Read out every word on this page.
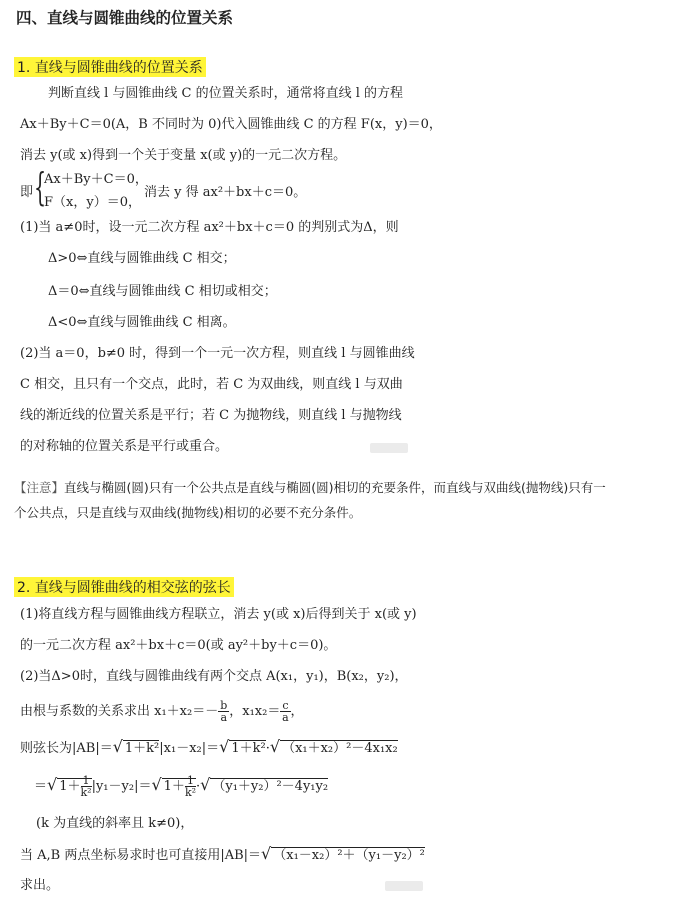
四、直线与圆锥曲线的位置关系
1. 直线与圆锥曲线的位置关系
判断直线 l 与圆锥曲线 C 的位置关系时，通常将直线 l 的方程
Ax＋By＋C＝0(A，B 不同时为 0)代入圆锥曲线 C 的方程 F(x，y)＝0，
消去 y(或 x)得到一个关于变量 x(或 y)的一元二次方程。
即 {
Ax＋By＋C＝0，
F（x，y）＝0，
消去 y 得 ax²＋bx＋c＝0。
(1)当 a≠0时，设一元二次方程 ax²＋bx＋c＝0 的判别式为Δ，则
Δ>0⇔直线与圆锥曲线 C 相交；
Δ＝0⇔直线与圆锥曲线 C 相切或相交；
Δ<0⇔直线与圆锥曲线 C 相离。
(2)当 a＝0，b≠0 时，得到一个一元一次方程，则直线 l 与圆锥曲线
C 相交，且只有一个交点，此时，若 C 为双曲线，则直线 l 与双曲
线的渐近线的位置关系是平行；若 C 为抛物线，则直线 l 与抛物线
的对称轴的位置关系是平行或重合。
【注意】直线与椭圆(圆)只有一个公共点是直线与椭圆(圆)相切的充要条件，而直线与双曲线(抛物线)只有一
个公共点，只是直线与双曲线(抛物线)相切的必要不充分条件。
2. 直线与圆锥曲线的相交弦的弦长
(1)将直线方程与圆锥曲线方程联立，消去 y(或 x)后得到关于 x(或 y)
的一元二次方程 ax²＋bx＋c＝0(或 ay²＋by＋c＝0)。
(2)当Δ>0时，直线与圆锥曲线有两个交点 A(x₁，y₁)，B(x₂，y₂)，
由根与系数的关系求出 $x_1+x_2=- \frac{b}{a}$ ，$x_1x_2= \frac{c}{a}$ ，
则弦长为|AB|＝√ 1＋k²|x₁－x₂|＝√ 1＋k²·√ （x₁＋x₂）²－4x₁x₂
＝√ $1+ \frac{1}{\text{k²}} |y_1-y_2|=√$ $1+ \frac{1}{\text{k²}}$ ·√ （y₁＋y₂）²－4y₁y₂
(k 为直线的斜率且 k≠0)，
当 A,B 两点坐标易求时也可直接用|AB|＝√ （x₁－x₂）²＋（y₁－y₂）²
求出。
